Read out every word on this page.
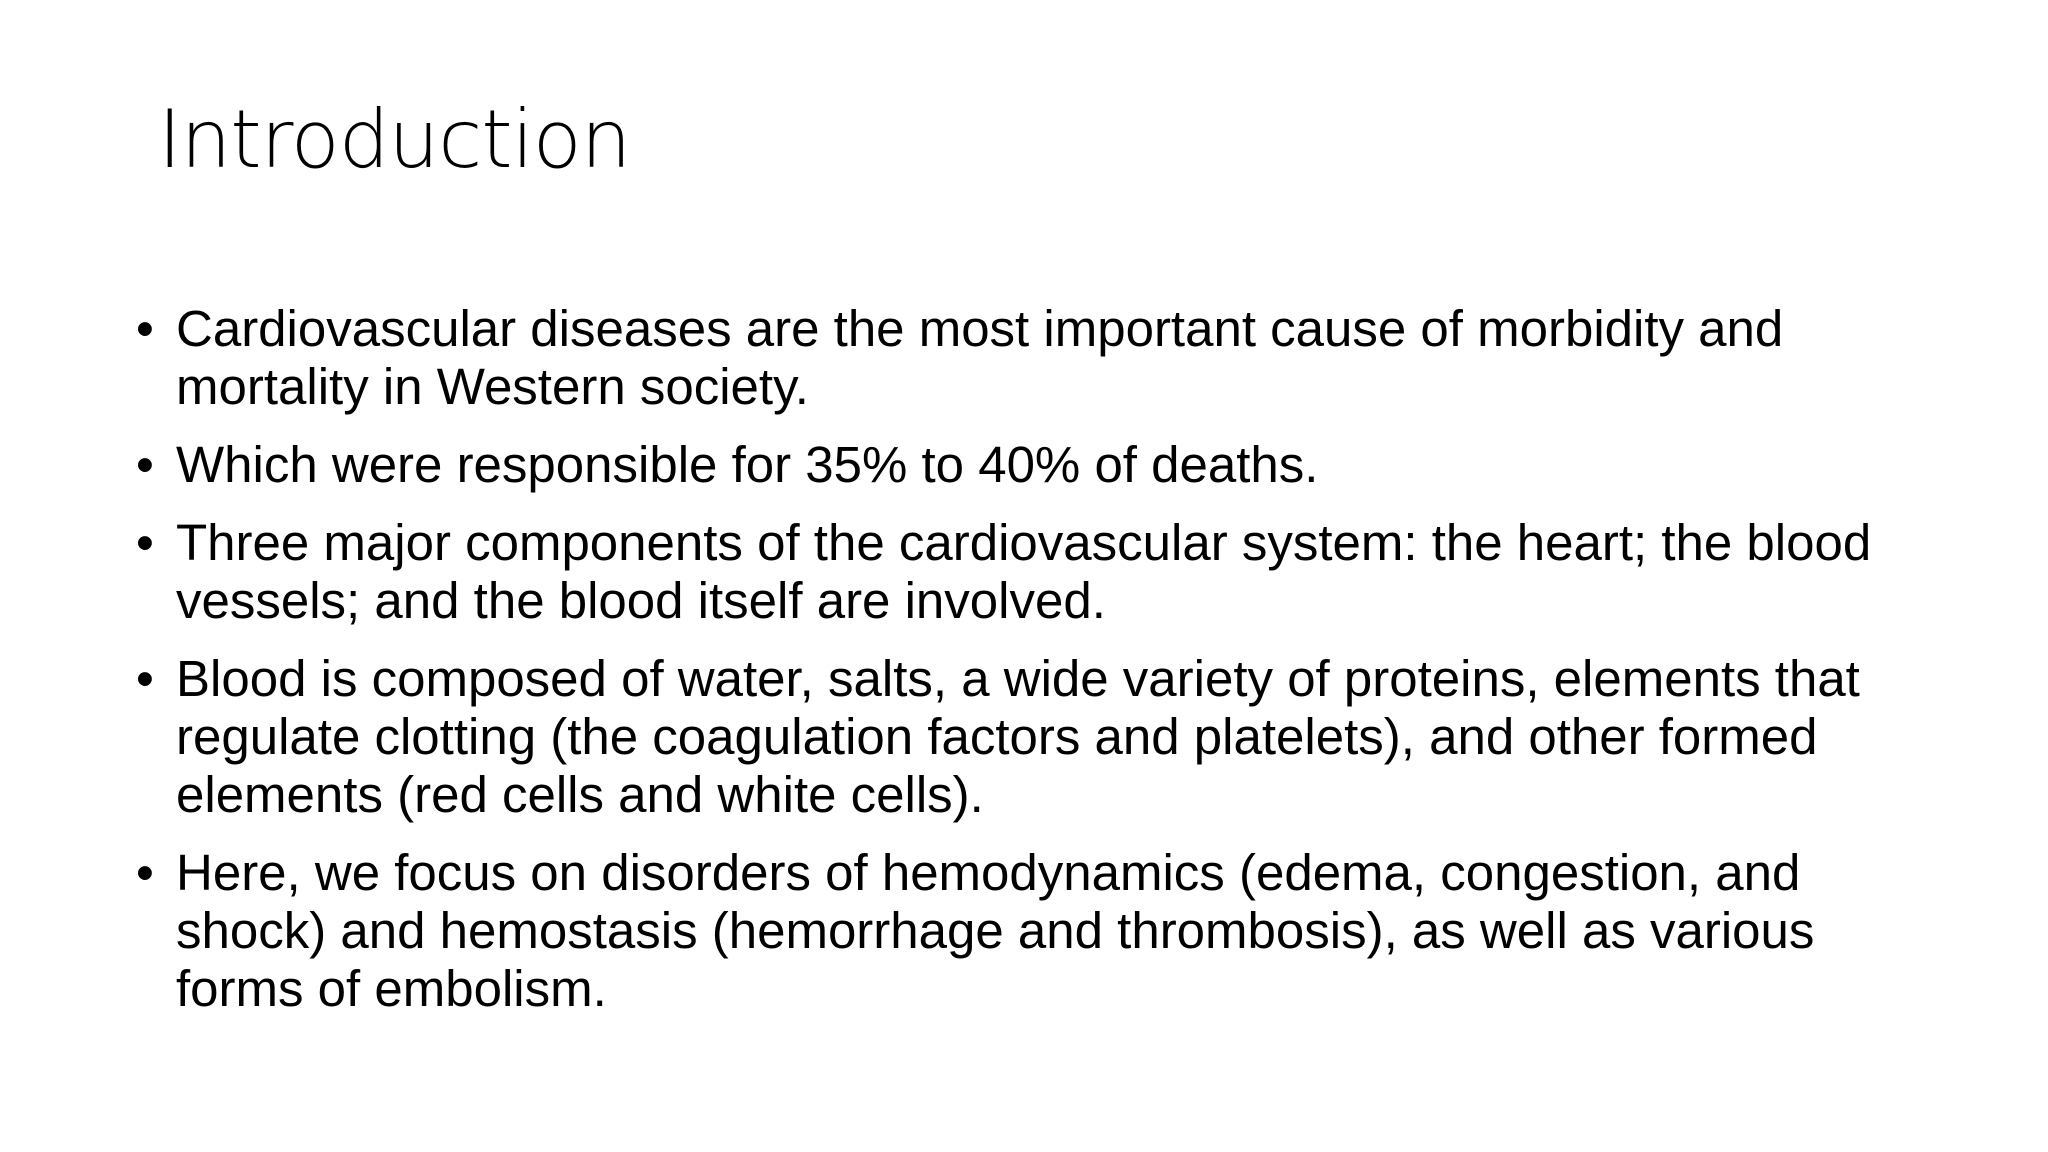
Introduction
• Cardiovascular diseases are the most important cause of morbidity and mortality in Western society.
• Which were responsible for 35% to 40% of deaths.
• Three major components of the cardiovascular system: the heart; the blood vessels; and the blood itself are involved.
• Blood is composed of water, salts, a wide variety of proteins, elements that regulate clotting (the coagulation factors and platelets), and other formed elements (red cells and white cells).
• Here, we focus on disorders of hemodynamics (edema, congestion, and shock) and hemostasis (hemorrhage and thrombosis), as well as various forms of embolism.
